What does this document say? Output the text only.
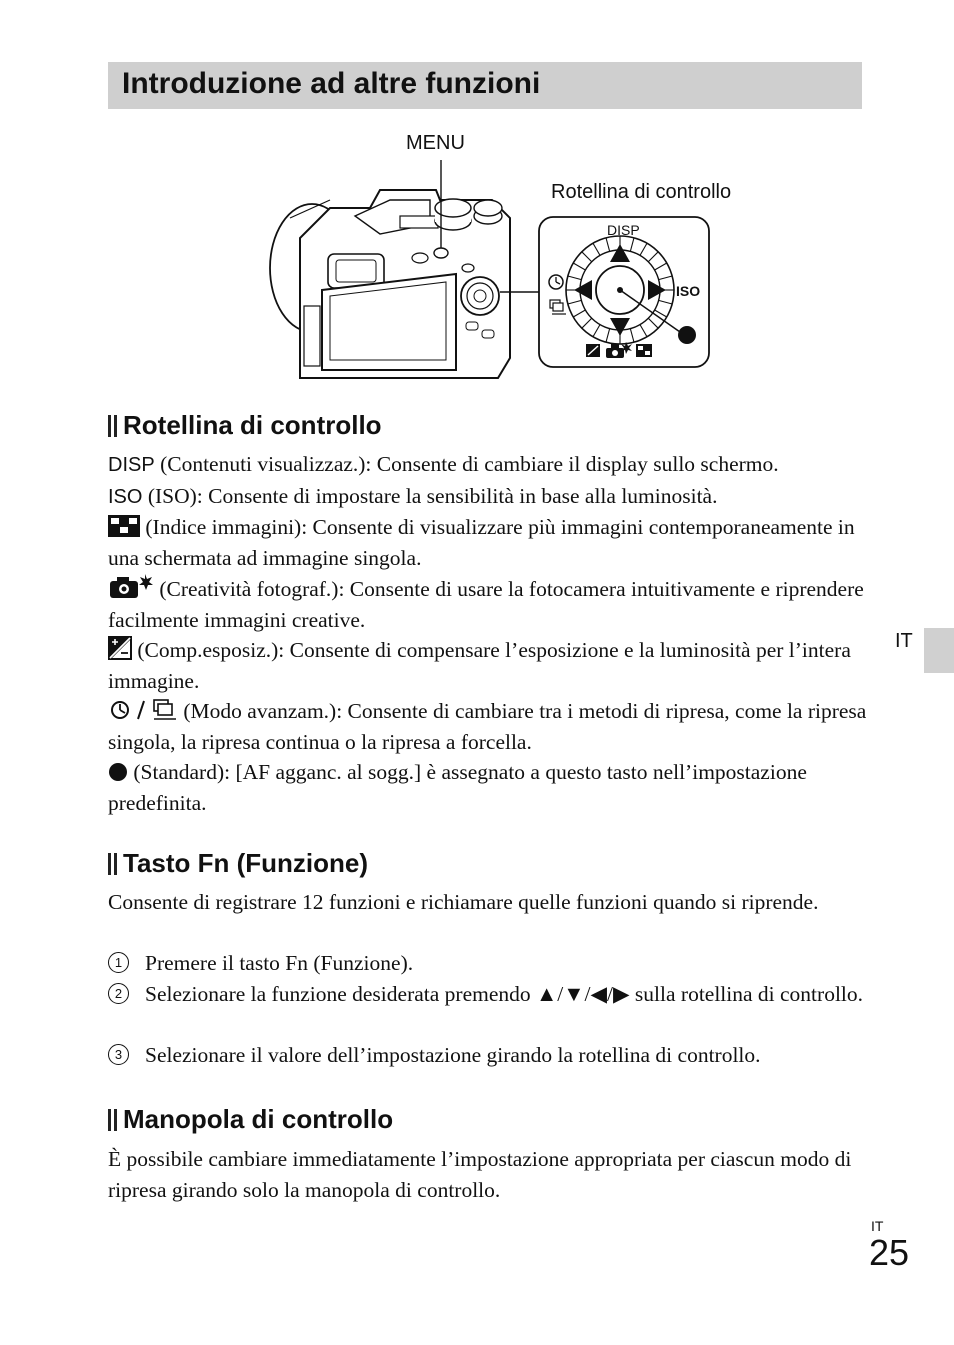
Introduzione ad altre funzioni
MENU
Rotellina di controllo
DISP
ISO
IT
Rotellina di controllo

DISP (Contenuti visualizzaz.): Consente di cambiare il display sullo schermo.
ISO (ISO): Consente di impostare la sensibilità in base alla luminosità.
(Indice immagini): Consente di visualizzare più immagini contemporaneamente in una schermata ad immagine singola.
(Creatività fotograf.): Consente di usare la fotocamera intuitivamente e riprendere facilmente immagini creative.
(Comp.esposiz.): Consente di compensare l’esposizione e la luminosità per l’intera immagine.
(Modo avanzam.): Consente di cambiare tra i metodi di ripresa, come la ripresa singola, la ripresa continua o la ripresa a forcella.
(Standard): [AF agganc. al sogg.] è assegnato a questo tasto nell’impostazione predefinita.

Tasto Fn (Funzione)

Consente di registrare 12 funzioni e richiamare quelle funzioni quando si riprende.

1	Premere il tasto Fn (Funzione).
2	Selezionare la funzione desiderata premendo ▲/▼/◀/▶ sulla rotellina di controllo.
3	Selezionare il valore dell’impostazione girando la rotellina di controllo.
Manopola di controllo

È possibile cambiare immediatamente l’impostazione appropriata per ciascun modo di ripresa girando solo la manopola di controllo.

IT
25
